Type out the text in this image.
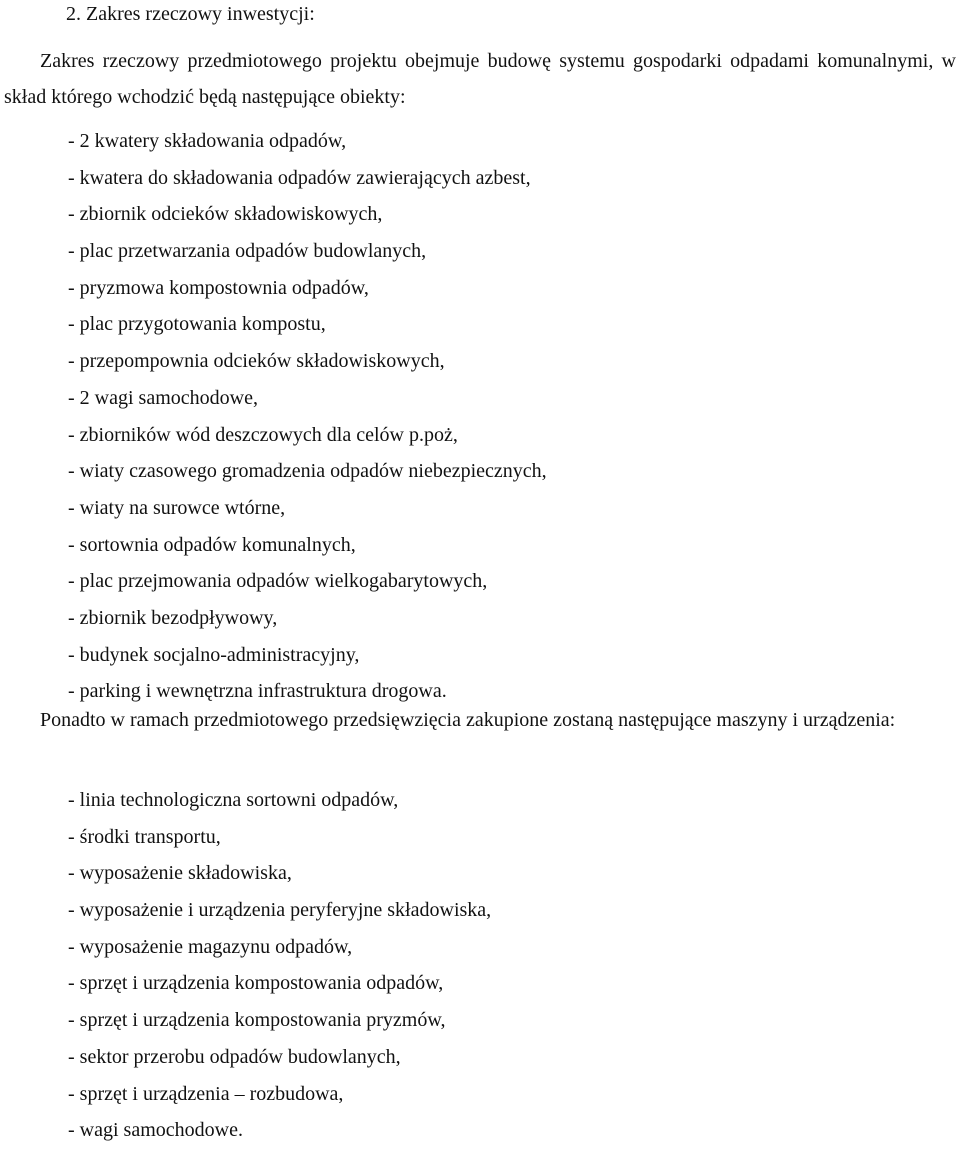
2. Zakres rzeczowy inwestycji:
Zakres rzeczowy przedmiotowego projektu obejmuje budowę systemu gospodarki odpadami komunalnymi, w skład którego wchodzić będą następujące obiekty:
- 2 kwatery składowania odpadów,
- kwatera do składowania odpadów zawierających azbest,
- zbiornik odcieków składowiskowych,
- plac przetwarzania odpadów budowlanych,
- pryzmowa kompostownia odpadów,
- plac przygotowania kompostu,
- przepompownia odcieków składowiskowych,
- 2 wagi samochodowe,
- zbiorników wód deszczowych dla celów p.poż,
- wiaty czasowego gromadzenia odpadów niebezpiecznych,
- wiaty na surowce wtórne,
- sortownia odpadów komunalnych,
- plac przejmowania odpadów wielkogabarytowych,
- zbiornik bezodpływowy,
- budynek socjalno-administracyjny,
- parking i wewnętrzna infrastruktura drogowa.
Ponadto w ramach przedmiotowego przedsięwzięcia zakupione zostaną następujące maszyny i urządzenia:
- linia technologiczna sortowni odpadów,
- środki transportu,
- wyposażenie składowiska,
- wyposażenie i urządzenia peryferyjne składowiska,
- wyposażenie magazynu odpadów,
- sprzęt i urządzenia kompostowania odpadów,
- sprzęt i urządzenia kompostowania pryzmów,
- sektor przerobu odpadów budowlanych,
- sprzęt i urządzenia – rozbudowa,
- wagi samochodowe.
